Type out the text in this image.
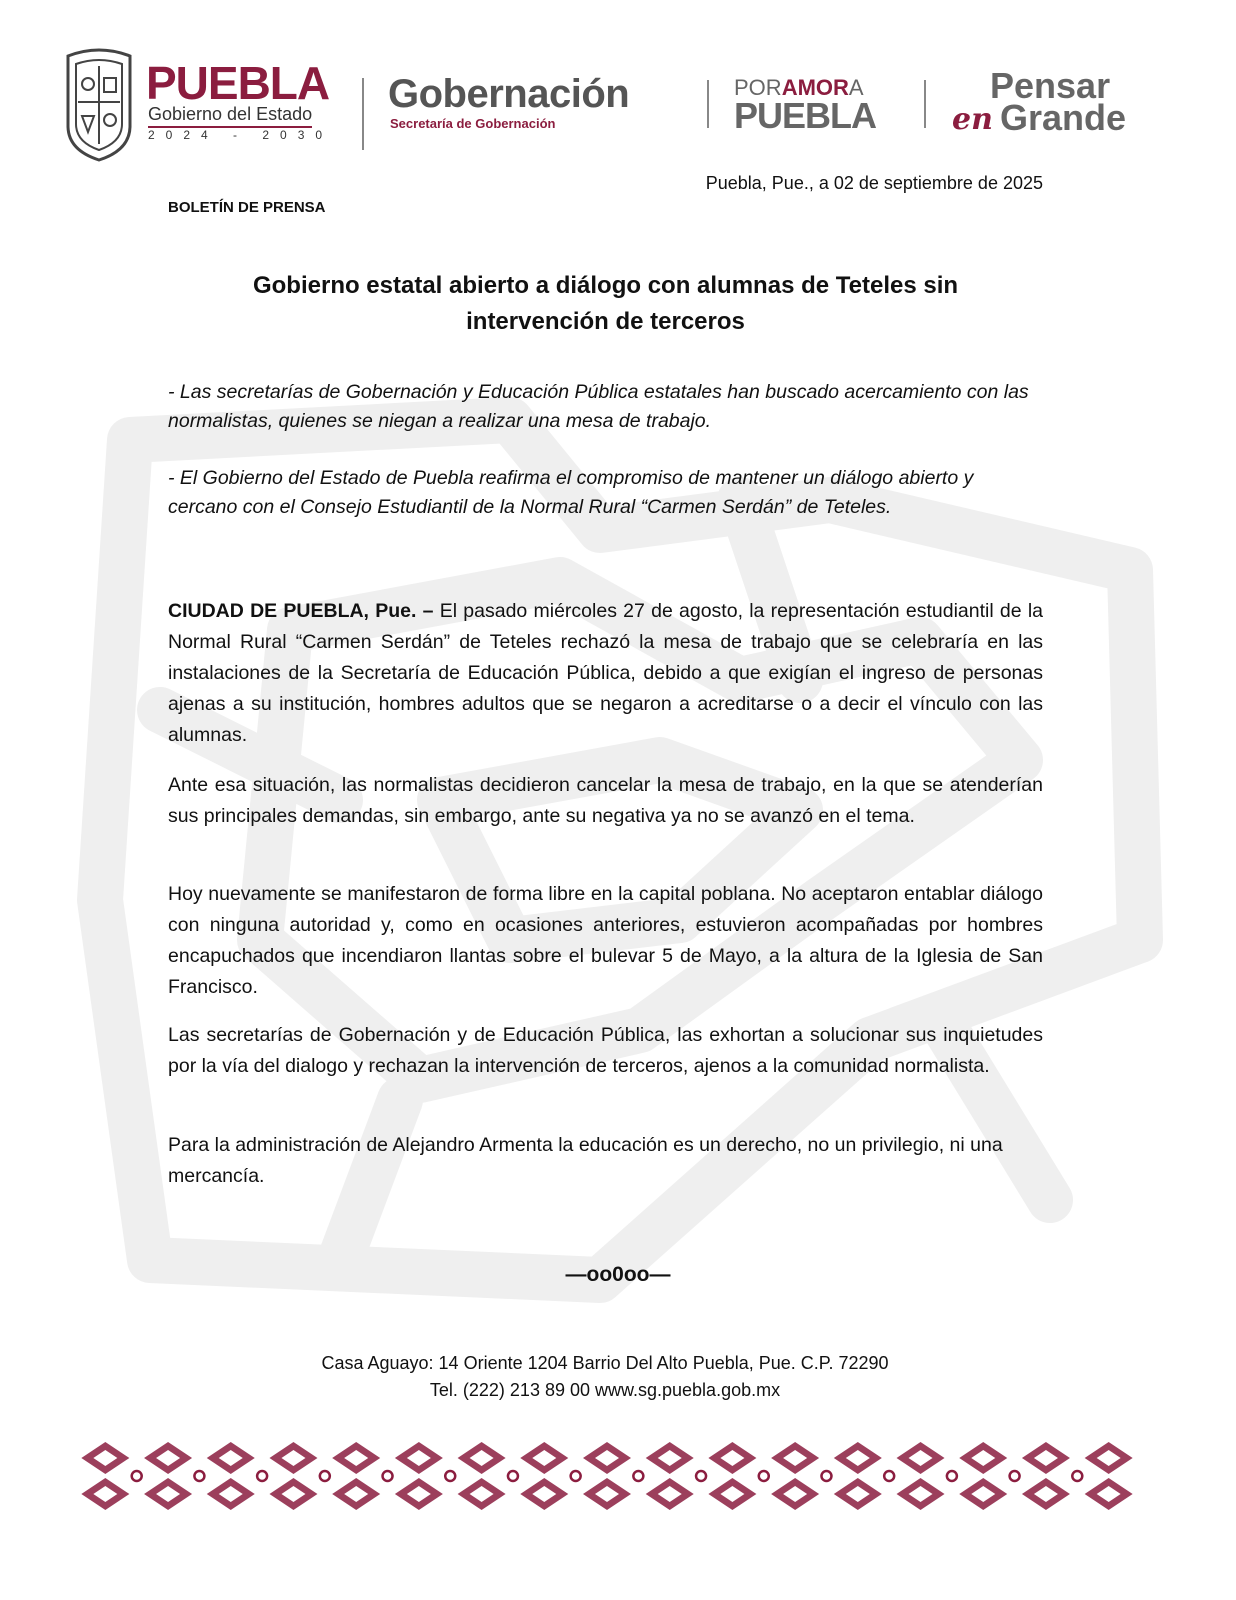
PUEBLA
Gobierno del Estado
2024 - 2030
Gobernación
Secretaría de Gobernación
PORAMORA
PUEBLA
Pensar
en Grande
Puebla, Pue., a 02 de septiembre de 2025
BOLETÍN DE PRENSA
Gobierno estatal abierto a diálogo con alumnas de Teteles sin
intervención de terceros
- Las secretarías de Gobernación y Educación Pública estatales han buscado acercamiento con las normalistas, quienes se niegan a realizar una mesa de trabajo.
- El Gobierno del Estado de Puebla reafirma el compromiso de mantener un diálogo abierto y cercano con el Consejo Estudiantil de la Normal Rural “Carmen Serdán” de Teteles.
CIUDAD DE PUEBLA, Pue. – El pasado miércoles 27 de agosto, la representación estudiantil de la Normal Rural “Carmen Serdán” de Teteles rechazó la mesa de trabajo que se celebraría en las instalaciones de la Secretaría de Educación Pública, debido a que exigían el ingreso de personas ajenas a su institución, hombres adultos que se negaron a acreditarse o a decir el vínculo con las alumnas.
Ante esa situación, las normalistas decidieron cancelar la mesa de trabajo, en la que se atenderían sus principales demandas, sin embargo, ante su negativa ya no se avanzó en el tema.
Hoy nuevamente se manifestaron de forma libre en la capital poblana. No aceptaron entablar diálogo con ninguna autoridad y, como en ocasiones anteriores, estuvieron acompañadas por hombres encapuchados que incendiaron llantas sobre el bulevar 5 de Mayo, a la altura de la Iglesia de San Francisco.
Las secretarías de Gobernación y de Educación Pública, las exhortan a solucionar sus inquietudes por la vía del dialogo y rechazan la intervención de terceros, ajenos a la comunidad normalista.
Para la administración de Alejandro Armenta la educación es un derecho, no un privilegio, ni una mercancía.
—oo0oo—
Casa Aguayo: 14 Oriente 1204 Barrio Del Alto Puebla, Pue. C.P. 72290
Tel. (222) 213 89 00 www.sg.puebla.gob.mx
